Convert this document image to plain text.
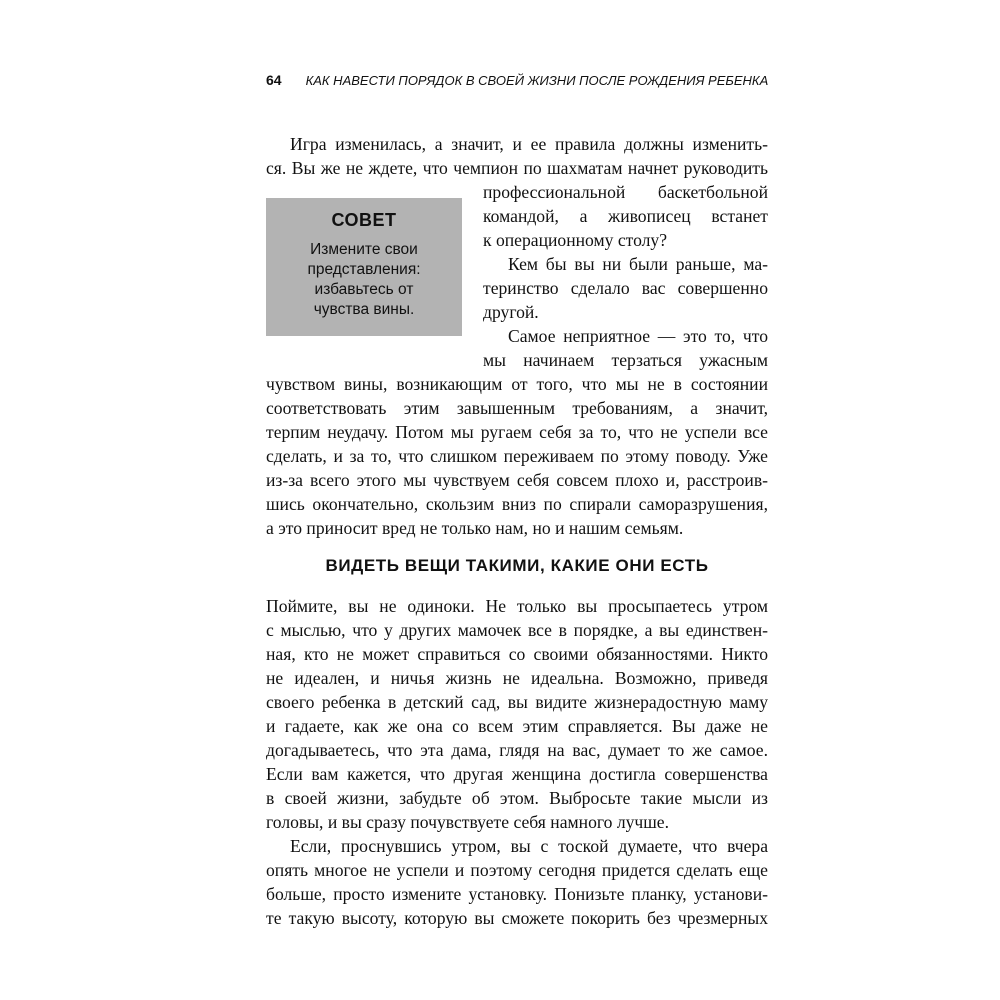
64 КАК НАВЕСТИ ПОРЯДОК В СВОЕЙ ЖИЗНИ ПОСЛЕ РОЖДЕНИЯ РЕБЕНКА
Игра изменилась, а значит, и ее правила должны изменить-
ся. Вы же не ждете, что чемпион по шахматам начнет руководить
профессиональной баскетбольной
командой, а живописец встанет
к операционному столу?
Кем бы вы ни были раньше, ма-
теринство сделало вас совершенно
другой.
Самое неприятное — это то, что
мы начинаем терзаться ужасным
чувством вины, возникающим от того, что мы не в состоянии
соответствовать этим завышенным требованиям, а значит,
терпим неудачу. Потом мы ругаем себя за то, что не успели все
сделать, и за то, что слишком переживаем по этому поводу. Уже
из-за всего этого мы чувствуем себя совсем плохо и, расстроив-
шись окончательно, скользим вниз по спирали саморазрушения,
а это приносит вред не только нам, но и нашим семьям.
СОВЕТ
Измените свои
представления:
избавьтесь от
чувства вины.
ВИДЕТЬ ВЕЩИ ТАКИМИ, КАКИЕ ОНИ ЕСТЬ
Поймите, вы не одиноки. Не только вы просыпаетесь утром
с мыслью, что у других мамочек все в порядке, а вы единствен-
ная, кто не может справиться со своими обязанностями. Никто
не идеален, и ничья жизнь не идеальна. Возможно, приведя
своего ребенка в детский сад, вы видите жизнерадостную маму
и гадаете, как же она со всем этим справляется. Вы даже не
догадываетесь, что эта дама, глядя на вас, думает то же самое.
Если вам кажется, что другая женщина достигла совершенства
в своей жизни, забудьте об этом. Выбросьте такие мысли из
головы, и вы сразу почувствуете себя намного лучше.
Если, проснувшись утром, вы с тоской думаете, что вчера
опять многое не успели и поэтому сегодня придется сделать еще
больше, просто измените установку. Понизьте планку, установи-
те такую высоту, которую вы сможете покорить без чрезмерных
